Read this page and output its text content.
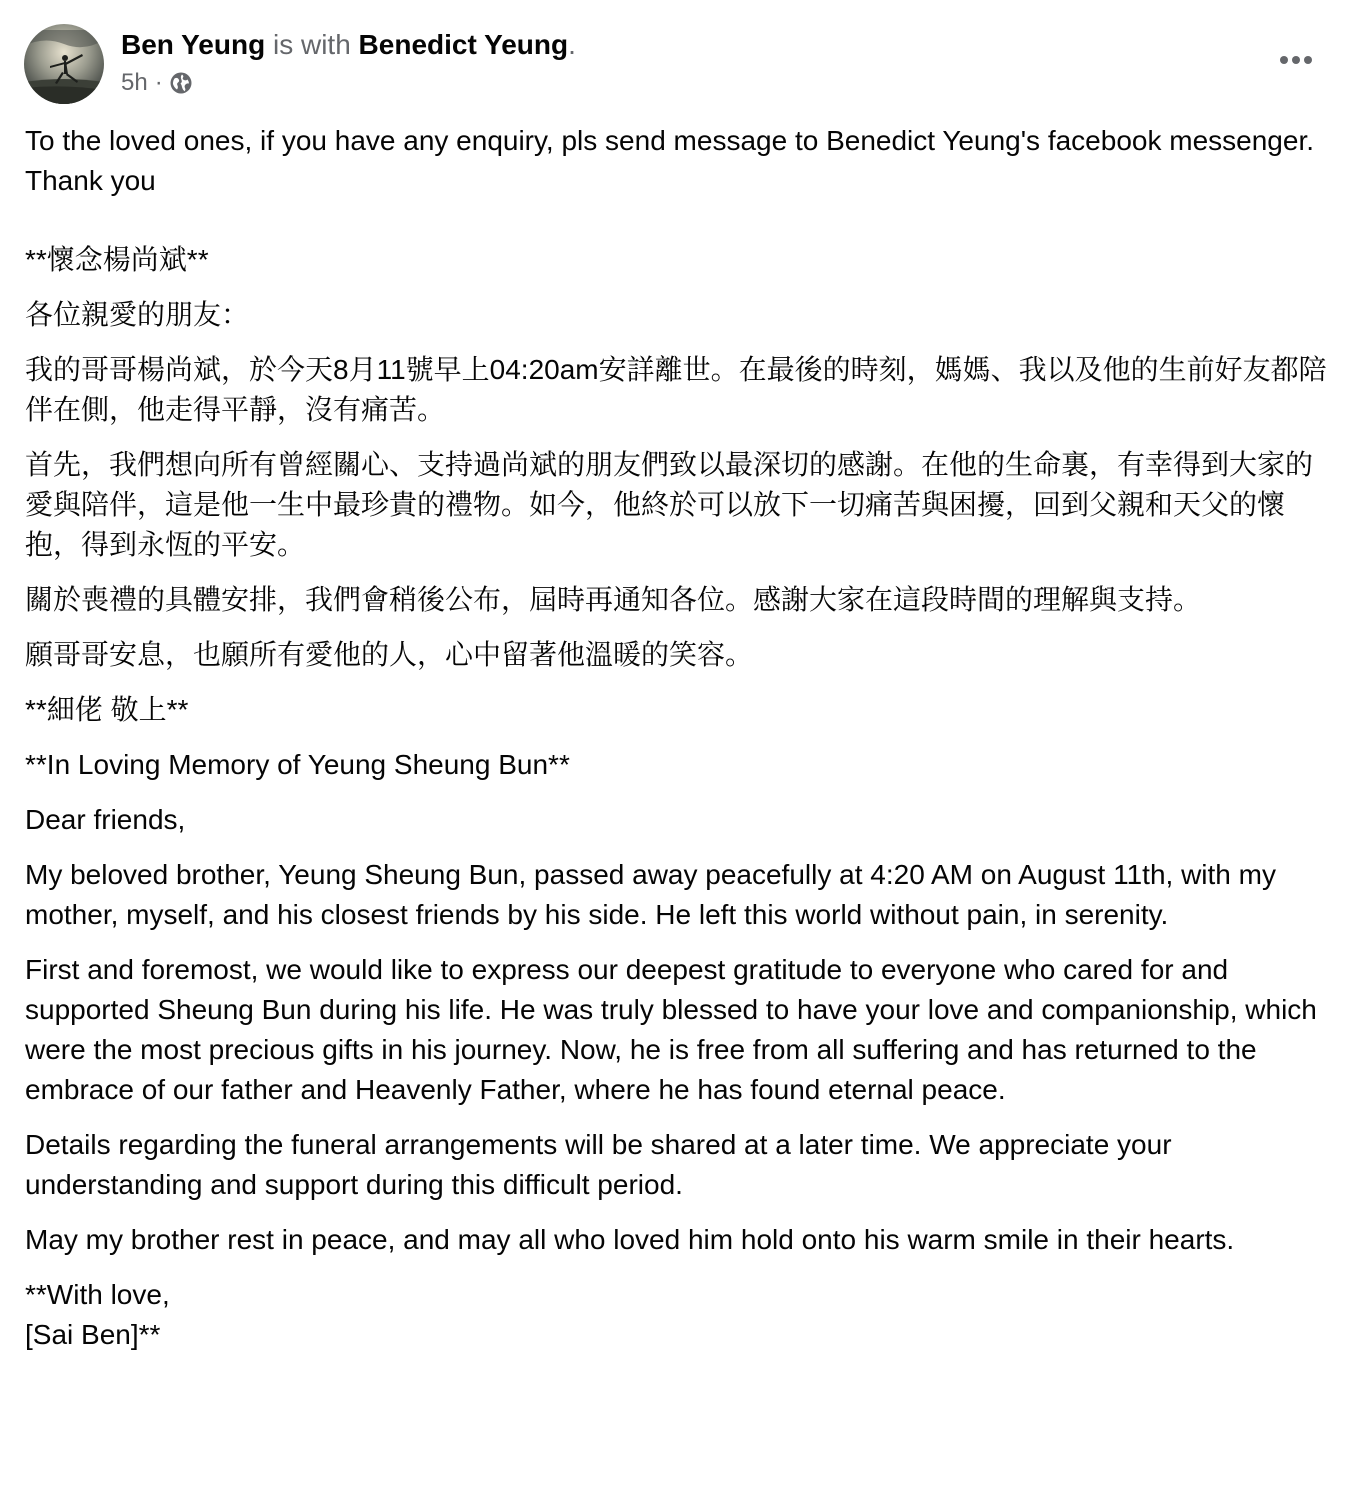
Ben Yeung is with Benedict Yeung.
5h ·

To the loved ones, if you have any enquiry, pls send message to Benedict Yeung's facebook messenger. Thank you

**懷念楊尚斌**

各位親愛的朋友：

我的哥哥楊尚斌，於今天8月11號早上04:20am安詳離世。在最後的時刻，媽媽、我以及他的生前好友都陪伴在側，他走得平靜，沒有痛苦。

首先，我們想向所有曾經關心、支持過尚斌的朋友們致以最深切的感謝。在他的生命裏，有幸得到大家的愛與陪伴，這是他一生中最珍貴的禮物。如今，他終於可以放下一切痛苦與困擾，回到父親和天父的懷抱，得到永恆的平安。

關於喪禮的具體安排，我們會稍後公布，屆時再通知各位。感謝大家在這段時間的理解與支持。

願哥哥安息，也願所有愛他的人，心中留著他溫暖的笑容。

**細佬 敬上**

**In Loving Memory of Yeung Sheung Bun**

Dear friends,

My beloved brother, Yeung Sheung Bun, passed away peacefully at 4:20 AM on August 11th, with my mother, myself, and his closest friends by his side. He left this world without pain, in serenity.

First and foremost, we would like to express our deepest gratitude to everyone who cared for and supported Sheung Bun during his life. He was truly blessed to have your love and companionship, which were the most precious gifts in his journey. Now, he is free from all suffering and has returned to the embrace of our father and Heavenly Father, where he has found eternal peace.

Details regarding the funeral arrangements will be shared at a later time. We appreciate your understanding and support during this difficult period.

May my brother rest in peace, and may all who loved him hold onto his warm smile in their hearts.

**With love,
[Sai Ben]**
